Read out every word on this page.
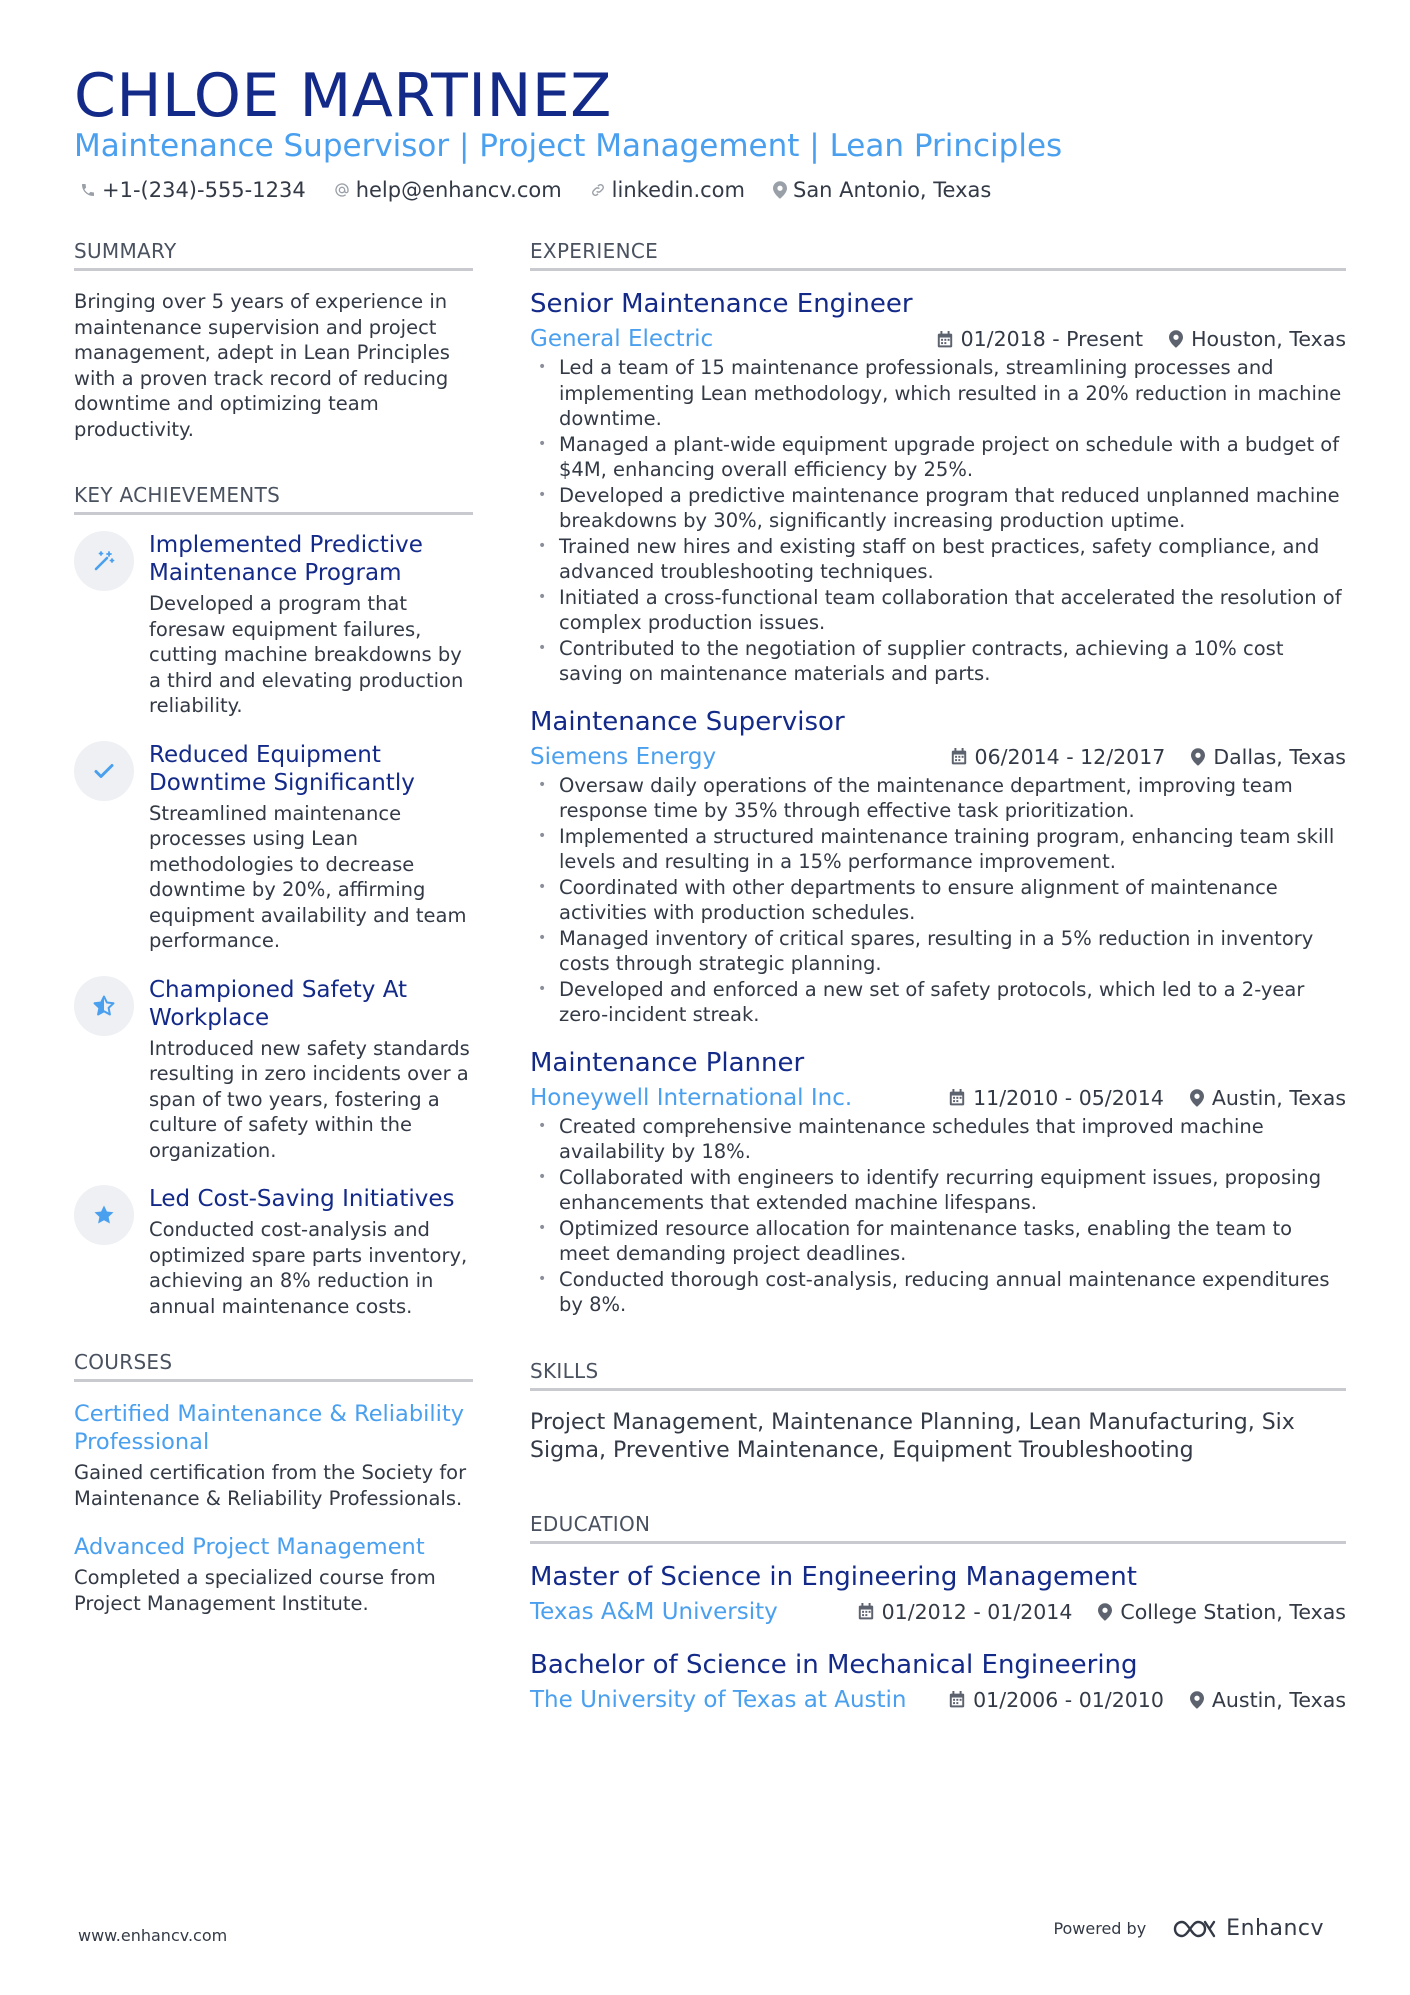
CHLOE MARTINEZ
Maintenance Supervisor | Project Management | Lean Principles
+1-(234)-555-1234 help@enhancv.com linkedin.com San Antonio, Texas
SUMMARY
Bringing over 5 years of experience in maintenance supervision and project management, adept in Lean Principles with a proven track record of reducing downtime and optimizing team productivity.
KEY ACHIEVEMENTS
Implemented Predictive Maintenance Program
Developed a program that foresaw equipment failures, cutting machine breakdowns by a third and elevating production reliability.
Reduced Equipment Downtime Significantly
Streamlined maintenance processes using Lean methodologies to decrease downtime by 20%, affirming equipment availability and team performance.
Championed Safety At Workplace
Introduced new safety standards resulting in zero incidents over a span of two years, fostering a culture of safety within the organization.
Led Cost-Saving Initiatives
Conducted cost-analysis and optimized spare parts inventory, achieving an 8% reduction in annual maintenance costs.
COURSES
Certified Maintenance & Reliability Professional
Gained certification from the Society for Maintenance & Reliability Professionals.
Advanced Project Management
Completed a specialized course from Project Management Institute.
EXPERIENCE
Senior Maintenance Engineer
General Electric	01/2018 - Present Houston, Texas
• Led a team of 15 maintenance professionals, streamlining processes and implementing Lean methodology, which resulted in a 20% reduction in machine downtime.
• Managed a plant-wide equipment upgrade project on schedule with a budget of $4M, enhancing overall efficiency by 25%.
• Developed a predictive maintenance program that reduced unplanned machine breakdowns by 30%, significantly increasing production uptime.
• Trained new hires and existing staff on best practices, safety compliance, and advanced troubleshooting techniques.
• Initiated a cross-functional team collaboration that accelerated the resolution of complex production issues.
• Contributed to the negotiation of supplier contracts, achieving a 10% cost saving on maintenance materials and parts.
Maintenance Supervisor
Siemens Energy	06/2014 - 12/2017 Dallas, Texas
• Oversaw daily operations of the maintenance department, improving team response time by 35% through effective task prioritization.
• Implemented a structured maintenance training program, enhancing team skill levels and resulting in a 15% performance improvement.
• Coordinated with other departments to ensure alignment of maintenance activities with production schedules.
• Managed inventory of critical spares, resulting in a 5% reduction in inventory costs through strategic planning.
• Developed and enforced a new set of safety protocols, which led to a 2-year zero-incident streak.
Maintenance Planner
Honeywell International Inc.	11/2010 - 05/2014 Austin, Texas
• Created comprehensive maintenance schedules that improved machine availability by 18%.
• Collaborated with engineers to identify recurring equipment issues, proposing enhancements that extended machine lifespans.
• Optimized resource allocation for maintenance tasks, enabling the team to meet demanding project deadlines.
• Conducted thorough cost-analysis, reducing annual maintenance expenditures by 8%.
SKILLS
Project Management, Maintenance Planning, Lean Manufacturing, Six Sigma, Preventive Maintenance, Equipment Troubleshooting
EDUCATION
Master of Science in Engineering Management
Texas A&M University	01/2012 - 01/2014 College Station, Texas
Bachelor of Science in Mechanical Engineering
The University of Texas at Austin	01/2006 - 01/2010 Austin, Texas
www.enhancv.com	Powered by	Enhancv
